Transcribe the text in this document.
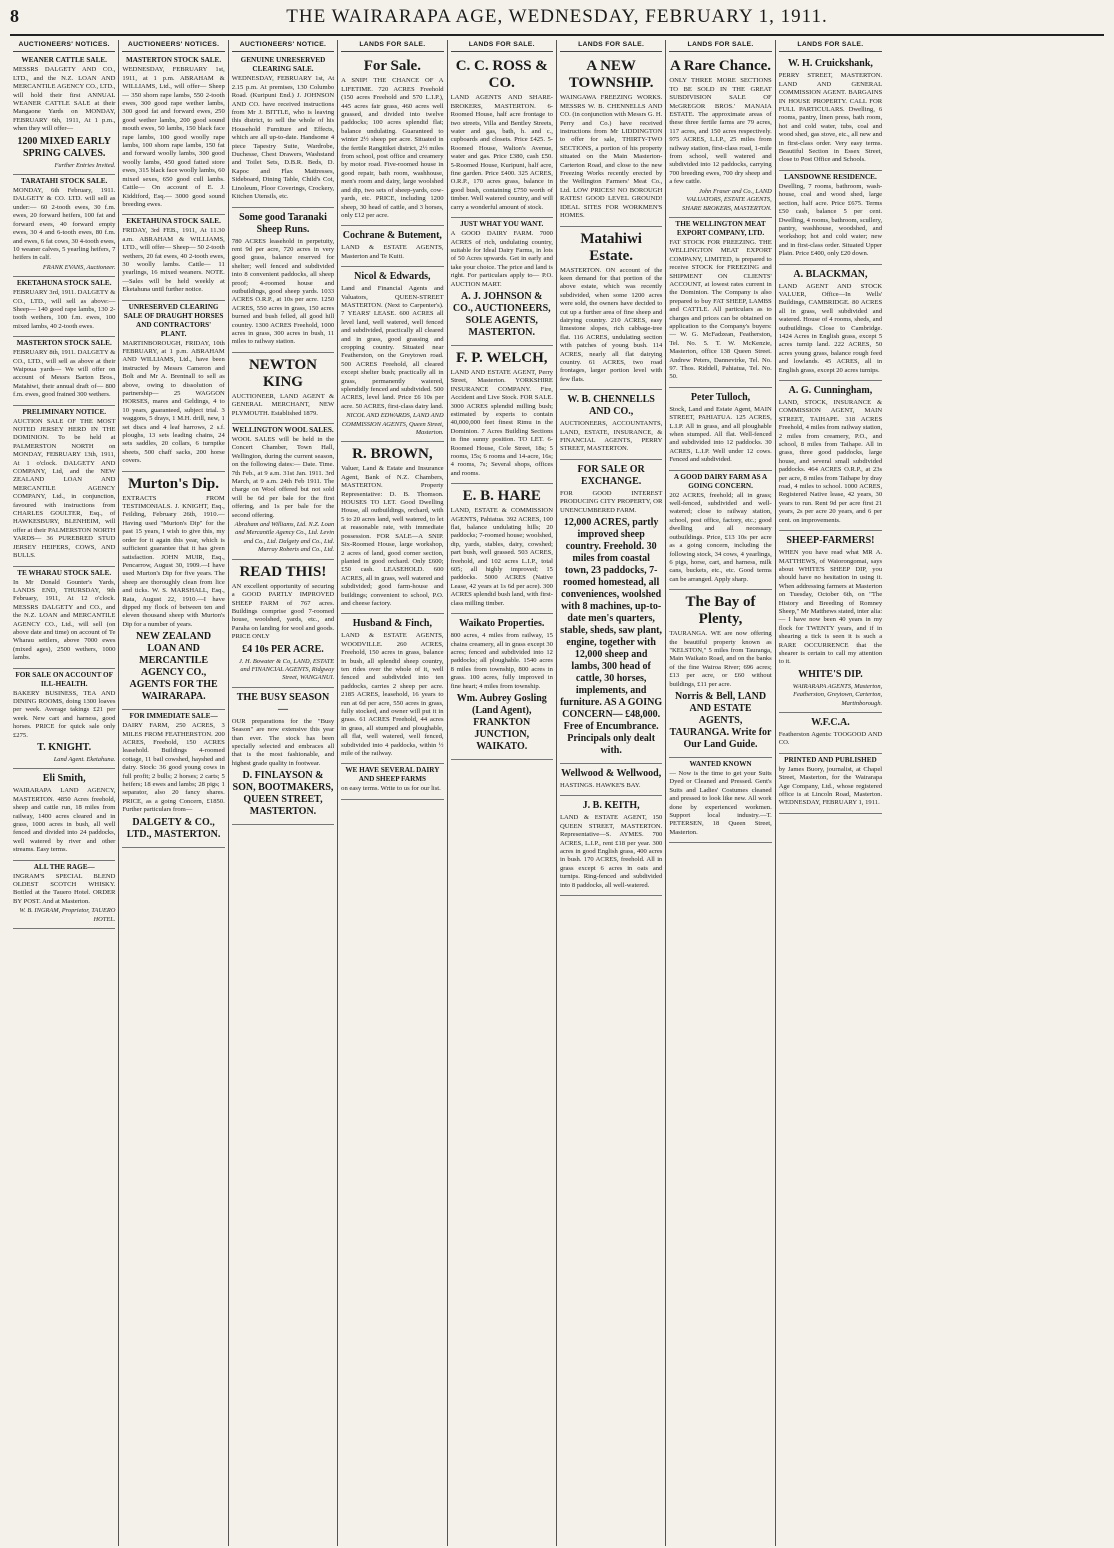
8	THE WAIRARAPA AGE, WEDNESDAY, FEBRUARY 1, 1911.
AUCTIONEERS' NOTICES.
WEANER CATTLE SALE.
MESSRS DALGETY AND CO., LTD., and the N.Z. LOAN AND MERCANTILE AGENCY CO., LTD., will hold their first ANNUAL WEANER CATTLE SALE at their Mangaone Yards on MONDAY, FEBRUARY 6th, 1911, At 1 p.m., when they will offer—
1200 MIXED EARLY SPRING CALVES.
Further Entries Invited.
TARATAHI STOCK SALE.
MONDAY, 6th February, 1911. DALGETY & CO. LTD. will sell as under:— 60 2-tooth ewes, 30 f.m. ewes, 20 forward heifers, 100 fat and forward ewes, 40 forward empty ewes, 30 4 and 6-tooth ewes, 80 f.m. and ewes, 6 fat cows, 30 4-tooth ewes, 10 weaner calves, 5 yearling heifers, 7 heifers in calf.
FRANK EVANS, Auctioneer.
EKETAHUNA STOCK SALE.
FEBRUARY 3rd, 1911. DALGETY & CO., LTD., will sell as above:— Sheep— 140 good rape lambs, 130 2-tooth wethers, 100 f.m. ewes, 100 mixed lambs, 40 2-tooth ewes.
MASTERTON STOCK SALE.
FEBRUARY 8th, 1911. DALGETY & CO., LTD., will sell as above at their Waipoua yards— We will offer on account of Messrs Barton Bros., Matahiwi, their annual draft of— 800 f.m. ewes, good frained 300 wethers.
PRELIMINARY NOTICE.
AUCTION SALE OF THE MOST NOTED JERSEY HERD IN THE DOMINION. To be held at PALMERSTON NORTH on MONDAY, FEBRUARY 13th, 1911, At 1 o'clock. DALGETY AND COMPANY, Ltd, and the NEW ZEALAND LOAN AND MERCANTILE AGENCY COMPANY, Ltd., in conjunction, favoured with instructions from CHARLES GOULTER, Esq., of HAWKESBURY, BLENHEIM, will offer at their PALMERSTON NORTH YARDS— 36 PUREBRED STUD JERSEY HEIFERS, COWS, AND BULLS.
TE WHARAU STOCK SALE.
In Mr Donald Gounter's Yards, LANDS END, THURSDAY, 9th February, 1911, At 12 o'clock. MESSRS DALGETY and CO., and the N.Z. LOAN and MERCANTILE AGENCY CO., Ltd., will sell (on above date and time) on account of Te Wharau settlers, above 7000 ewes (mixed ages), 2500 wethers, 1000 lambs.
FOR SALE ON ACCOUNT OF ILL-HEALTH.
BAKERY BUSINESS, TEA AND DINING ROOMS, doing 1300 loaves per week. Average takings £21 per week. New cart and harness, good horses. PRICE for quick sale only £275.
T. KNIGHT.
Land Agent. Eketahuna.
Eli Smith,
WAIRARAPA LAND AGENCY, MASTERTON. 4850 Acres freehold, sheep and cattle run, 18 miles from railway, 1400 acres cleared and in grass, 1000 acres in bush, all well fenced and divided into 24 paddocks, well watered by river and other streams. Easy terms.
ALL THE RAGE—
INGRAM'S SPECIAL BLEND OLDEST SCOTCH WHISKY. Bottled at the Tauero Hotel. ORDER BY POST. And at Masterton.
W. B. INGRAM, Proprietor, TAUERO HOTEL.
AUCTIONEERS' NOTICES.
MASTERTON STOCK SALE.
WEDNESDAY, FEBRUARY 1st, 1911, at 1 p.m. ABRAHAM & WILLIAMS, Ltd., will offer— Sheep— 350 shorn rape lambs, 550 2-tooth ewes, 300 good rape wether lambs, 300 good fat and forward ewes, 250 good wether lambs, 200 good sound mouth ewes, 50 lambs, 150 black face rape lambs, 100 good woolly rape lambs, 100 shorn rape lambs, 150 fat and forward woolly lambs, 300 good woolly lambs, 450 good fatted store ewes, 315 black face woolly lambs, 60 mixed sexes, 650 good cull lambs. Cattle— On account of E. J. Kiddiford, Esq.— 3000 good sound breeding ewes.
EKETAHUNA STOCK SALE.
FRIDAY, 3rd FEB., 1911, At 11.30 a.m. ABRAHAM & WILLIAMS, LTD., will offer— Sheep— 50 2-tooth wethers, 20 fat ewes, 40 2-tooth ewes, 30 woolly lambs. Cattle— 11 yearlings, 16 mixed weaners. NOTE.—Sales will be held weekly at Eketahuna until further notice.
UNRESERVED CLEARING SALE OF DRAUGHT HORSES AND CONTRACTORS' PLANT.
MARTINBOROUGH, FRIDAY, 10th FEBRUARY, at 1 p.m. ABRAHAM AND WILLIAMS, Ltd., have been instructed by Messrs Cameron and Bolt and Mr A. Brentnall to sell as above, owing to dissolution of partnership— 25 WAGGON HORSES, mares and Geldings, 4 to 10 years, guaranteed, subject trial. 3 waggons, 5 drays, 1 M.H. drill, new, 1 set discs and 4 leaf harrows, 2 s.f. ploughs, 13 sets leading chains, 24 sets saddles, 20 collars, 6 turnpike sheets, 500 chaff sacks, 200 horse covers.
Murton's Dip.
EXTRACTS FROM TESTIMONIALS. J. KNIGHT, Esq., Feilding, February 26th, 1910.—Having used "Murton's Dip" for the past 15 years, I wish to give this, my order for it again this year, which is sufficient guarantee that it has given satisfaction. JOHN MUIR, Esq., Pencarrow, August 30, 1909.—I have used Murton's Dip for five years. The sheep are thoroughly clean from lice and ticks. W. S. MARSHALL, Esq., Rata, August 22, 1910.—I have dipped my flock of between ten and eleven thousand sheep with Murton's Dip for a number of years.
NEW ZEALAND LOAN AND MERCANTILE AGENCY CO., AGENTS FOR THE WAIRARAPA.
FOR IMMEDIATE SALE—
DAIRY FARM, 250 ACRES, 3 MILES FROM FEATHERSTON. 200 ACRES, Freehold, 150 ACRES leasehold. Buildings 4-roomed cottage, 11 bail cowshed, hayshed and dairy. Stock: 36 good young cows in full profit; 2 bulls; 2 horses; 2 carts; 5 heifers; 18 ewes and lambs; 28 pigs; 1 separator, also 20 fancy shares. PRICE, as a going Concern, £1850. Further particulars from—
DALGETY & CO., LTD., MASTERTON.
AUCTIONEERS' NOTICE.
GENUINE UNRESERVED CLEARING SALE.
WEDNESDAY, FEBRUARY 1st, At 2.15 p.m. At premises, 130 Columbo Road. (Kuripuni End.) J. JOHNSON AND CO. have received instructions from Mr J. BITTLE, who is leaving this district, to sell the whole of his Household Furniture and Effects, which are all up-to-date. Handsome 4 piece Tapestry Suite, Wardrobe, Duchesse, Chest Drawers, Washstand and Toilet Sets, D.B.R. Beds, D. Kapoc and Flax Mattresses, Sideboard, Dining Table, Child's Cot, Linoleum, Floor Coverings, Crockery, Kitchen Utensils, etc.
Some good Taranaki Sheep Runs.
780 ACRES leasehold in perpetuity, rent 9d per acre, 720 acres in very good grass, balance reserved for shelter; well fenced and subdivided into 8 convenient paddocks, all sheep proof; 4-roomed house and outbuildings, good sheep yards. 1033 ACRES O.R.P., at 10s per acre. 1250 ACRES, 550 acres in grass, 150 acres burned and bush felled, all good hill country. 1300 ACRES Freehold, 1000 acres in grass, 300 acres in bush, 11 miles to railway station.
NEWTON KING
AUCTIONEER, LAND AGENT & GENERAL MERCHANT, NEW PLYMOUTH. Established 1879.
WELLINGTON WOOL SALES.
WOOL SALES will be held in the Concert Chamber, Town Hall, Wellington, during the current season, on the following dates:— Date. Time. 7th Feb., at 9 a.m. 31st Jan. 1911. 3rd March, at 9 a.m. 24th Feb 1911. The charge on Wool offered but not sold will be 6d per bale for the first offering, and 1s per bale for the second offering.
Abraham and Williams, Ltd. N.Z. Loan and Mercantile Agency Co., Ltd. Levin and Co., Ltd. Dalgety and Co., Ltd. Murray Roberts and Co., Ltd.
READ THIS!
AN excellent opportunity of securing a GOOD PARTLY IMPROVED SHEEP FARM of 767 acres. Buildings comprise good 7-roomed house, woolshed, yards, etc., and Paraha on landing for wool and goods. PRICE ONLY
£4 10s PER ACRE.
J. H. Bowater & Co, LAND, ESTATE and FINANCIAL AGENTS, Ridgway Street, WANGANUI.
THE BUSY SEASON—
OUR preparations for the "Busy Season" are now extensive this year than ever. The stock has been specially selected and embraces all that is the most fashionable, and highest grade quality in footwear.
D. FINLAYSON & SON, BOOTMAKERS, QUEEN STREET, MASTERTON.
LANDS FOR SALE.
For Sale.
A SNIP! THE CHANCE OF A LIFETIME. 720 ACRES Freehold (150 acres Freehold and 570 L.I.P.), 445 acres fair grass, 460 acres well grassed, and divided into twelve paddocks; 100 acres splendid flat; balance undulating. Guaranteed to winter 2½ sheep per acre. Situated in the fertile Rangitikei district, 2½ miles from school, post office and creamery by motor road. Five-roomed house in good repair, bath room, washhouse, men's room and dairy, large woolshed and dip, two sets of sheep-yards, cow-yards, etc. PRICE, including 1200 sheep, 30 head of cattle, and 3 horses, only £12 per acre.
Cochrane & Butement,
LAND & ESTATE AGENTS, Masterton and Te Kuiti.
Nicol & Edwards,
Land and Financial Agents and Valuators, QUEEN-STREET MASTERTON. (Next to Carpenter's). 7 YEARS' LEASE. 600 ACRES all level land, well watered, well fenced and subdivided, practically all cleared and in grass, good grassing and cropping country. Situated near Featherston, on the Greytown road. 500 ACRES Freehold, all cleared except shelter bush; practically all in grass, permanently watered, splendidly fenced and subdivided. 500 ACRES, level land. Price £6 10s per acre. 50 ACRES, first-class dairy land.
NICOL AND EDWARDS, LAND AND COMMISSION AGENTS, Queen Street, Masterton.
R. BROWN,
Valuer, Land & Estate and Insurance Agent, Bank of N.Z. Chambers, MASTERTON. Property Representative: D. B. Thomson. HOUSES TO LET. Good Dwelling House, all outbuildings, orchard, with 5 to 20 acres land, well watered, to let at reasonable rate, with immediate possession. FOR SALE—A SNIP. Six-Roomed House, large workshop, 2 acres of land, good corner section, planted in good orchard. Only £600; £50 cash. LEASEHOLD. 600 ACRES, all in grass, well watered and subdivided; good farm-house and buildings; convenient to school, P.O. and cheese factory.
Husband & Finch,
LAND & ESTATE AGENTS, WOODVILLE. 260 ACRES, Freehold, 150 acres in grass, balance in bush, all splendid sheep country, ten rides over the whole of it, well fenced and subdivided into ten paddocks, carries 2 sheep per acre. 2185 ACRES, leasehold, 16 years to run at 6d per acre, 550 acres in grass, fully stocked, and owner will put it in grass. 61 ACRES Freehold, 44 acres in grass, all stumped and ploughable, all flat, well watered, well fenced, subdivided into 4 paddocks, within ½ mile of the railway.
WE HAVE SEVERAL DAIRY AND SHEEP FARMS
on easy terms. Write to us for our list.
LANDS FOR SALE.
C. C. ROSS & CO.
LAND AGENTS AND SHARE-BROKERS, MASTERTON. 6-Roomed House, half acre frontage to two streets, Villa and Bentley Streets, water and gas, bath, h. and c., cupboards and closets. Price £425. 5-Roomed House, Walton's Avenue, water and gas. Price £380, cash £50. 5-Roomed House, Kuripuni, half acre, fine garden. Price £400. 325 ACRES, O.R.P., 170 acres grass, balance in good bush, containing £750 worth of timber. Well watered country, and will carry a wonderful amount of stock.
JUST WHAT YOU WANT.
A GOOD DAIRY FARM. 7000 ACRES of rich, undulating country, suitable for Ideal Dairy Farms, in lots of 50 Acres upwards. Get in early and take your choice. The price and land is right. For particulars apply to— P.O. AUCTION MART.
A. J. JOHNSON & CO., AUCTIONEERS, SOLE AGENTS, MASTERTON.
F. P. WELCH,
LAND AND ESTATE AGENT, Perry Street, Masterton. YORKSHIRE INSURANCE COMPANY. Fire, Accident and Live Stock. FOR SALE. 3000 ACRES splendid milling bush; estimated by experts to contain 40,000,000 feet finest Rimu in the Dominion. 7 Acres Building Sections in fine sunny position. TO LET. 6-Roomed House, Cole Street, 18s; 5 rooms, 15s; 6 rooms and 14-acre, 16s; 4 rooms, 7s; Several shops, offices and rooms.
E. B. HARE
LAND, ESTATE & COMMISSION AGENTS, Pahiatua. 392 ACRES, 100 flat, balance undulating hills; 20 paddocks; 7-roomed house; woolshed, dip, yards, stables, dairy, cowshed; part bush, well grassed. 503 ACRES, freehold, and 102 acres L.I.P., total 605; all highly improved; 15 paddocks. 5000 ACRES (Native Lease, 42 years at 1s 6d per acre). 300 ACRES splendid bush land, with first-class milling timber.
Waikato Properties.
800 acres, 4 miles from railway, 15 chains creamery, all in grass except 30 acres; fenced and subdivided into 12 paddocks; all ploughable. 1540 acres 8 miles from township, 800 acres in grass. 100 acres, fully improved in fine heart; 4 miles from township.
Wm. Aubrey Gosling (Land Agent), FRANKTON JUNCTION, WAIKATO.
LANDS FOR SALE.
A NEW TOWNSHIP.
WAINGAWA FREEZING WORKS. MESSRS W. B. CHENNELLS AND CO. (in conjunction with Messrs G. H. Perry and Co.) have received instructions from Mr LIDDINGTON to offer for sale, THIRTY-TWO SECTIONS, a portion of his property situated on the Main Masterton-Carterton Road, and close to the new Freezing Works recently erected by the Wellington Farmers' Meat Co., Ltd. LOW PRICES! NO BOROUGH RATES! GOOD LEVEL GROUND! IDEAL SITES FOR WORKMEN'S HOMES.
Matahiwi Estate.
MASTERTON. ON account of the keen demand for that portion of the above estate, which was recently subdivided, when some 1200 acres were sold, the owners have decided to cut up a further area of fine sheep and dairying country. 210 ACRES, easy limestone slopes, rich cabbage-tree flat. 116 ACRES, undulating section with patches of young bush. 114 ACRES, nearly all flat dairying country. 61 ACRES, two road frontages, larger portion level with few flats.
W. B. CHENNELLS AND CO.,
AUCTIONEERS, ACCOUNTANTS, LAND, ESTATE, INSURANCE, & FINANCIAL AGENTS, PERRY STREET, MASTERTON.
FOR SALE OR EXCHANGE.
FOR GOOD INTEREST PRODUCING CITY PROPERTY, OR UNENCUMBERED FARM.
12,000 ACRES, partly improved sheep country. Freehold. 30 miles from coastal town, 23 paddocks, 7-roomed homestead, all conveniences, woolshed with 8 machines, up-to-date men's quarters, stable, sheds, saw plant, engine, together with 12,000 sheep and lambs, 300 head of cattle, 30 horses, implements, and furniture. AS A GOING CONCERN— £48,000. Free of Encumbrance. Principals only dealt with.
Wellwood & Wellwood,
HASTINGS. HAWKE'S BAY.
J. B. KEITH,
LAND & ESTATE AGENT, 150 QUEEN STREET, MASTERTON. Representative—S. AYMES. 700 ACRES, L.I.P., rent £18 per year. 300 acres in good English grass, 400 acres in bush. 170 ACRES, freehold. All in grass except 6 acres in oats and turnips. Ring-fenced and subdivided into 8 paddocks, all well-watered.
LANDS FOR SALE.
A Rare Chance.
ONLY THREE MORE SECTIONS TO BE SOLD IN THE GREAT SUBDIVISION SALE OF McGREGOR BROS.' MANAIA ESTATE. The approximate areas of these three fertile farms are 79 acres, 117 acres, and 150 acres respectively. 975 ACRES, L.I.P., 25 miles from railway station, first-class road, 1-mile from school, well watered and subdivided into 12 paddocks, carrying 700 breeding ewes, 700 dry sheep and a few cattle.
John Fraser and Co., LAND VALUATORS, ESTATE AGENTS, SHARE BROKERS, MASTERTON.
THE WELLINGTON MEAT EXPORT COMPANY, LTD.
FAT STOCK FOR FREEZING. THE WELLINGTON MEAT EXPORT COMPANY, LIMITED, is prepared to receive STOCK for FREEZING and SHIPMENT ON CLIENTS' ACCOUNT, at lowest rates current in the Dominion. The Company is also prepared to buy FAT SHEEP, LAMBS and CATTLE. All particulars as to charges and prices can be obtained on application to the Company's buyers:— W. G. McFadzean, Featherston, Tel. No. 5. T. W. McKenzie, Masterton, office 138 Queen Street. Andrew Peters, Dannevirke, Tel. No. 97. Thos. Riddell, Pahiatua, Tel. No. 50.
Peter Tulloch,
Stock, Land and Estate Agent, MAIN STREET, PAHIATUA. 125 ACRES, L.I.P. All in grass, and all ploughable when stumped. All flat. Well-fenced and subdivided into 12 paddocks. 30 ACRES, L.I.P. Well under 12 cows. Fenced and subdivided.
A GOOD DAIRY FARM AS A GOING CONCERN.
202 ACRES, freehold; all in grass; well-fenced, subdivided and well-watered; close to railway station, school, post office, factory, etc.; good dwelling and all necessary outbuildings. Price, £13 10s per acre as a going concern, including the following stock, 34 cows, 4 yearlings, 6 pigs, horse, cart, and harness, milk cans, buckets, etc., etc. Good terms can be arranged. Apply sharp.
The Bay of Plenty,
TAURANGA. WE are now offering the beautiful property known as "KELSTON," 5 miles from Tauranga, Main Waikato Road, and on the banks of the fine Wairoa River; 696 acres; £13 per acre, or £60 without buildings, £11 per acre.
Norris & Bell, LAND AND ESTATE AGENTS, TAURANGA. Write for Our Land Guide.
WANTED KNOWN
— Now is the time to get your Suits Dyed or Cleaned and Pressed. Gent's Suits and Ladies' Costumes cleaned and pressed to look like new. All work done by experienced workmen. Support local industry.—T. PETERSEN, 18 Queen Street, Masterton.
LANDS FOR SALE.
W. H. Cruickshank,
PERRY STREET, MASTERTON. LAND AND GENERAL COMMISSION AGENT. BARGAINS IN HOUSE PROPERTY. CALL FOR FULL PARTICULARS. Dwelling, 6 rooms, pantry, linen press, bath room, hot and cold water, tubs, coal and wood shed, gas stove, etc., all new and in first-class order. Very easy terms. Beautiful Section in Essex Street, close to Post Office and Schools.
LANSDOWNE RESIDENCE.
Dwelling, 7 rooms, bathroom, wash-house, coal and wood shed, large section, half acre. Price £675. Terms £50 cash, balance 5 per cent. Dwelling, 4 rooms, bathroom, scullery, pantry, washhouse, woodshed, and workshop; hot and cold water; new and in first-class order. Situated Upper Plain. Price £400, only £20 down.
A. BLACKMAN,
LAND AGENT AND STOCK VALUER, Office—In Wells' Buildings, CAMBRIDGE. 80 ACRES all in grass, well subdivided and watered. House of 4 rooms, sheds, and outbuildings. Close to Cambridge. 1424 Acres in English grass, except 5 acres turnip land. 222 ACRES, 50 acres young grass, balance rough feed and lowlands. 45 ACRES, all in English grass, except 20 acres turnips.
A. G. Cunningham,
LAND, STOCK, INSURANCE & COMMISSION AGENT, MAIN STREET, TAIHAPE. 318 ACRES Freehold, 4 miles from railway station, 2 miles from creamery, P.O., and school, 8 miles from Taihape. All in grass, three good paddocks, large house, and several small subdivided paddocks. 464 ACRES O.R.P., at 23s per acre, 8 miles from Taihape by dray road, 4 miles to school. 1000 ACRES, Registered Native lease, 42 years, 30 years to run. Rent 9d per acre first 21 years, 2s per acre 20 years, and 6 per cent. on improvements.
SHEEP-FARMERS!
WHEN you have read what MR A. MATTHEWS, of Waiorongomai, says about WHITE'S SHEEP DIP, you should have no hesitation in using it. When addressing farmers at Masterton on Tuesday, October 6th, on "The History and Breeding of Romney Sheep," Mr Matthews stated, inter alia:— I have now been 40 years in my flock for TWENTY years, and if in shearing a tick is seen it is such a RARE OCCURRENCE that the shearer is certain to call my attention to it.
WHITE'S DIP.
WAIRARAPA AGENTS, Masterton, Featherston, Greytown, Carterton, Martinborough.
W.F.C.A.
Featherston Agents: TOOGOOD AND CO.
PRINTED AND PUBLISHED
by James Buory, journalist, at Chapel Street, Masterton, for the Wairarapa Age Company, Ltd., whose registered office is at Lincoln Road, Masterton. WEDNESDAY, FEBRUARY 1, 1911.
